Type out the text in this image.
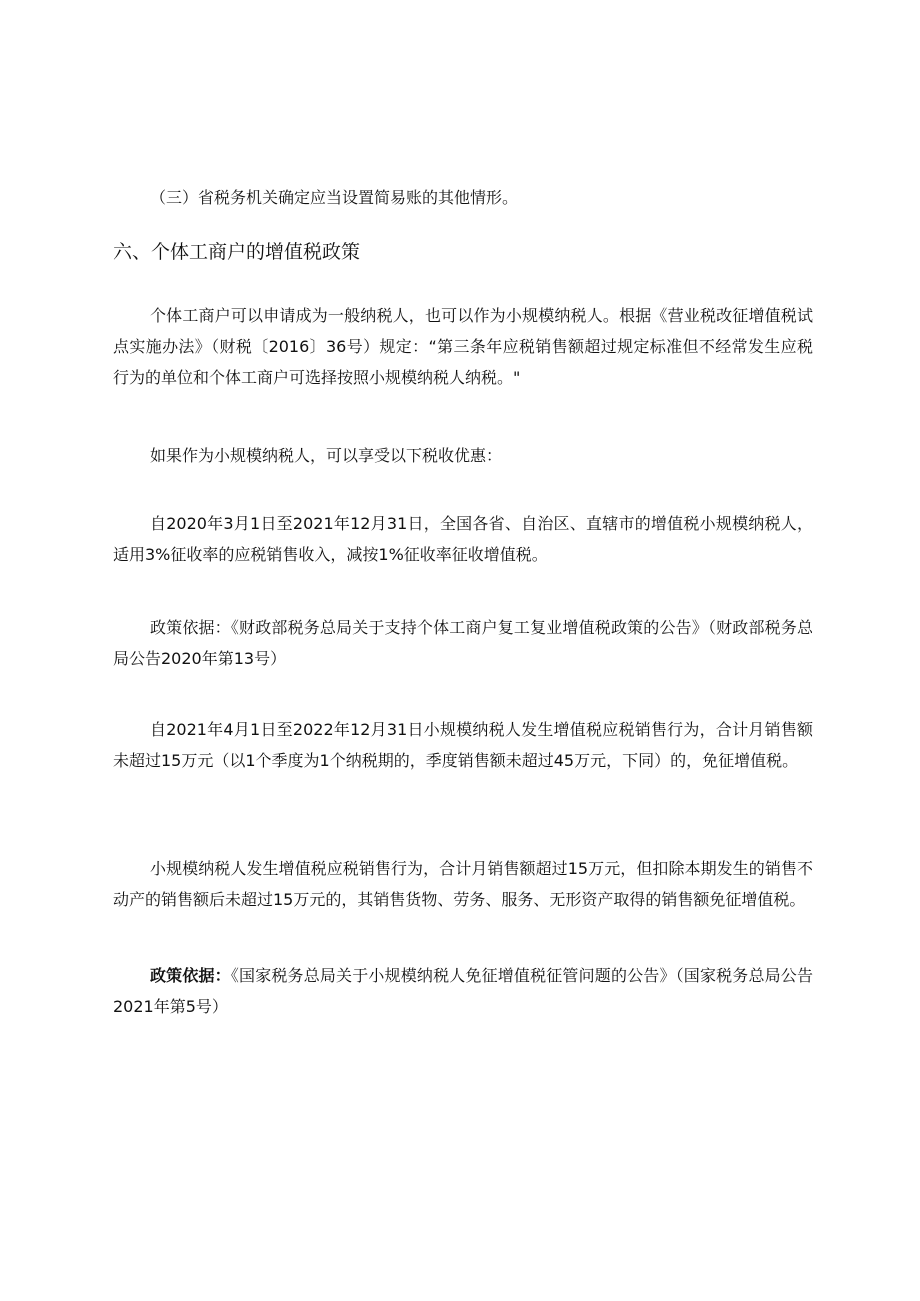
（三）省税务机关确定应当设置简易账的其他情形。

六、个体工商户的增值税政策

个体工商户可以申请成为一般纳税人，也可以作为小规模纳税人。根据《营业税改征增值税试点实施办法》（财税〔2016〕36号）规定：“第三条年应税销售额超过规定标准但不经常发生应税行为的单位和个体工商户可选择按照小规模纳税人纳税。"

如果作为小规模纳税人，可以享受以下税收优惠：

自2020年3月1日至2021年12月31日，全国各省、自治区、直辖市的增值税小规模纳税人，适用3%征收率的应税销售收入，减按1%征收率征收增值税。

政策依据：《财政部税务总局关于支持个体工商户复工复业增值税政策的公告》（财政部税务总局公告2020年第13号）

自2021年4月1日至2022年12月31日小规模纳税人发生增值税应税销售行为，合计月销售额未超过15万元（以1个季度为1个纳税期的，季度销售额未超过45万元，下同）的，免征增值税。

小规模纳税人发生增值税应税销售行为，合计月销售额超过15万元，但扣除本期发生的销售不动产的销售额后未超过15万元的，其销售货物、劳务、服务、无形资产取得的销售额免征增值税。

政策依据：《国家税务总局关于小规模纳税人免征增值税征管问题的公告》（国家税务总局公告2021年第5号）
